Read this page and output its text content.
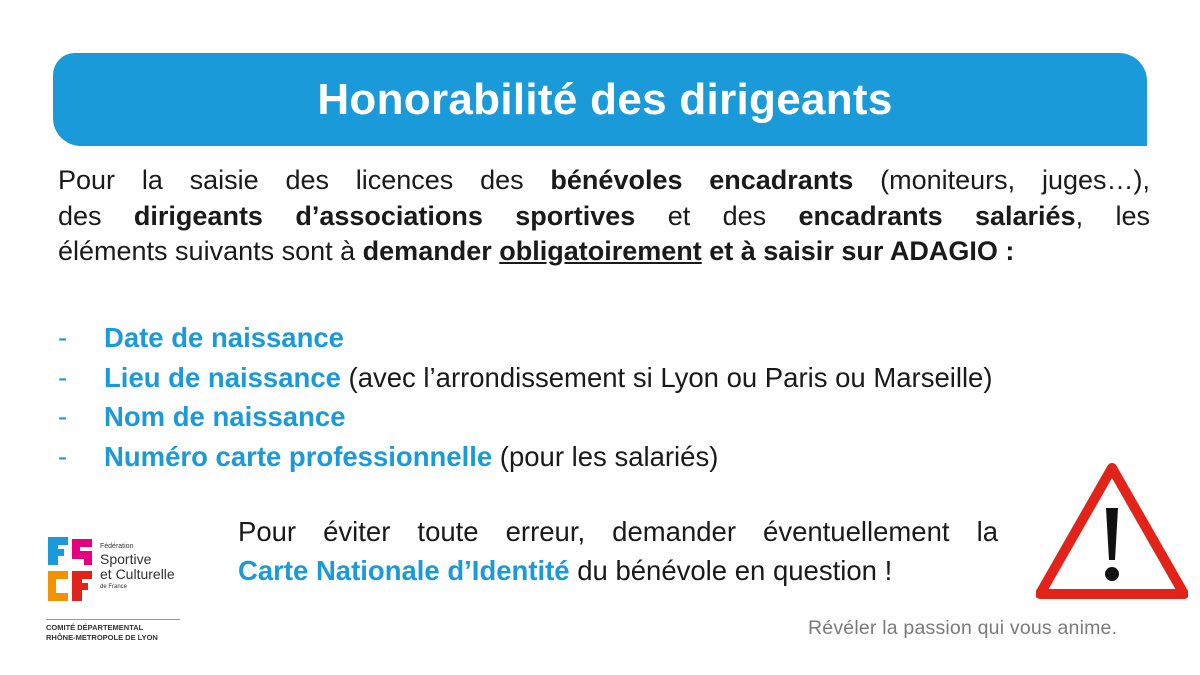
Honorabilité des dirigeants
Pour la saisie des licences des bénévoles encadrants (moniteurs, juges…),
des dirigeants d’associations sportives et des encadrants salariés, les
éléments suivants sont à demander obligatoirement et à saisir sur ADAGIO :
- Date de naissance
- Lieu de naissance (avec l’arrondissement si Lyon ou Paris ou Marseille)
- Nom de naissance
- Numéro carte professionnelle (pour les salariés)
Pour éviter toute erreur, demander éventuellement la
Carte Nationale d’Identité du bénévole en question !
Fédération
Sportive
et Culturelle
de France
COMITÉ DÉPARTEMENTAL
RHÔNE-METROPOLE DE LYON	Révéler la passion qui vous anime.
